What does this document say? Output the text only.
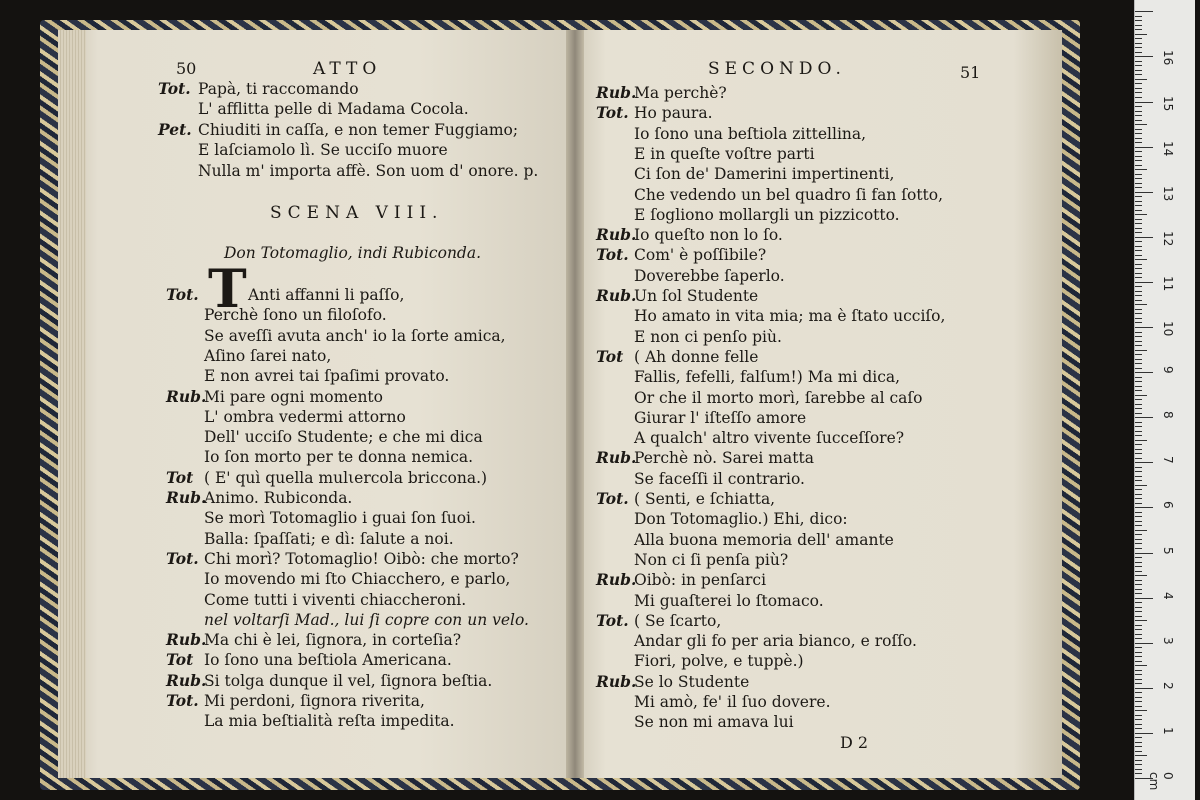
50	ATTO
Tot. Papà, ti raccomando
L' afflitta pelle di Madama Cocola.
Pet. Chiuditi in caſſa, e non temer Fuggiamo;
E laſciamolo lì. Se ucciſo muore
Nulla m' importa affè. Son uom d' onore. p.
SCENA VIII.
Don Totomaglio, indi Rubiconda.
T
Tot.	Anti affanni li paſſo,
Perchè ſono un filoſofo.
Se aveſſi avuta anch' io la ſorte amica,
Aſino ſarei nato,
E non avrei tai ſpaſimi provato.
Rub.
Mi pare ogni momento
L' ombra vedermi attorno
Dell' ucciſo Studente; e che mi dica
Io ſon morto per te donna nemica.
Tot ( E' quì quella mulιercola briccona.)
Rub.
Animo. Rubiconda.
Se morì Totomaglio i guai ſon ſuoi.
Balla: ſpaſſati; e dì: ſalute a noi.
Tot. Chi morì? Totomaglio! Oibò: che morto?
Io movendo mi ſto Chiacchero, e parlo,
Come tutti i viventi chiaccheroni.
nel voltarſi Mad., lui ſi copre con un velo.
Rub.
Ma chi è lei, ſignora, in corteſia?
Tot Io ſono una beſtiola Americana.
Rub.
Si tolga dunque il vel, ſignora beſtia.
Tot. Mi perdoni, ſignora riverita,
La mia beſtialità reſta impedita.
SECONDO.	51
Rub.
Ma perchè?
Tot. Ho paura.
Io ſono una beſtiola zittellina,
E in queſte voſtre parti
Ci ſon de' Damerini impertinenti,
Che vedendo un bel quadro ſi fan ſotto,
E ſogliono mollargli un pizzicotto.
Rub.
Io queſto non lo ſo.
Tot. Com' è poſſibile?
Doverebbe ſaperlo.
Rub.
Un ſol Studente
Ho amato in vita mia; ma è ſtato ucciſo,
E non ci penſo più.
Tot ( Ah donne felle
Fallis, fefelli, falſum!) Ma mi dica,
Or che il morto morì, ſarebbe al caſo
Giurar l' iſteſſo amore
A qualch' altro vivente ſucceſſore?
Rub.
Perchè nò. Sarei matta
Se faceſſi il contrario.
Tot. ( Senti, e ſchiatta,
Don Totomaglio.) Ehi, dico:
Alla buona memoria dell' amante
Non ci ſi penſa più?
Rub.
Oibò: in penſarci
Mi guaſterei lo ſtomaco.
Tot. ( Se ſcarto,
Andar gli fo per aria bianco, e roſſo.
Fiori, polve, e tuppè.)
Rub.
Se lo Studente
Mi amò, fe' il ſuo dovere.
Se non mi amava lui
D 2
0 cm
1
2
3
4
5
6
7
8
9
10
11
12
13
14
15
16
